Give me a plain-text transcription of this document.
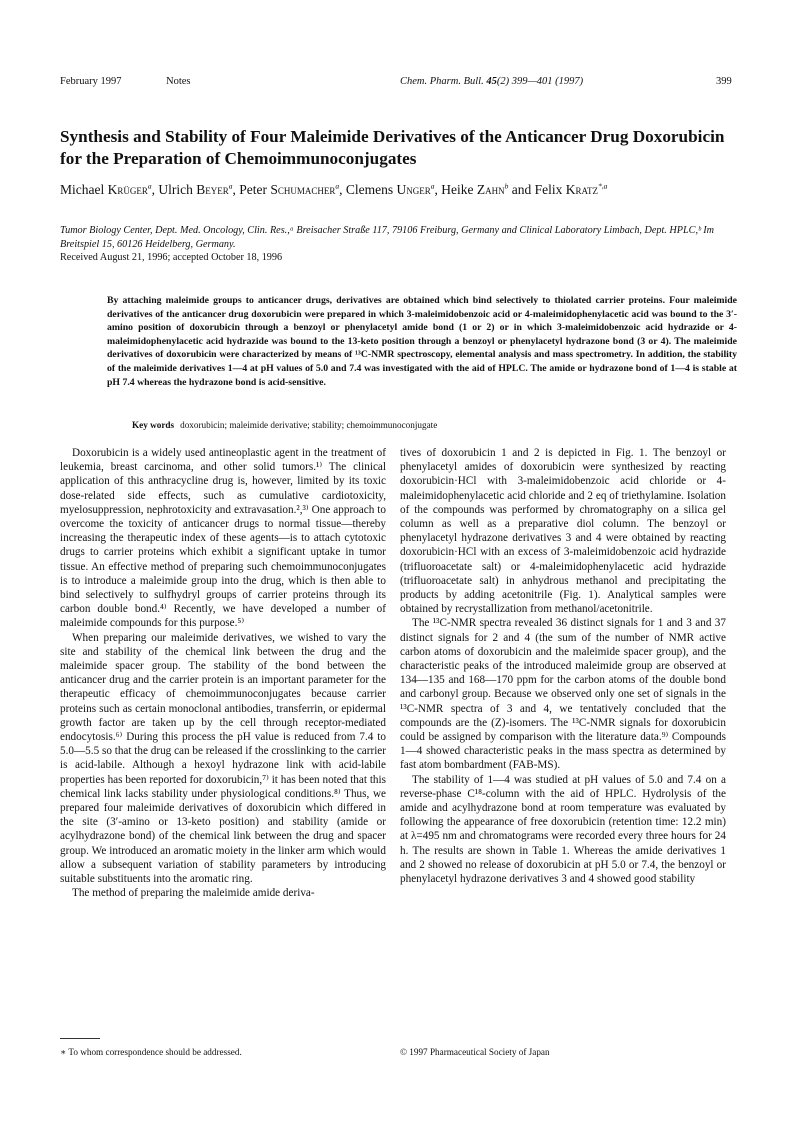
February 1997	Notes	Chem. Pharm. Bull. 45(2) 399—401 (1997)	399
Synthesis and Stability of Four Maleimide Derivatives of the Anticancer Drug Doxorubicin for the Preparation of Chemoimmunoconjugates
Michael Krüger$^a$, Ulrich Beyer$^a$, Peter Schumacher$^a$, Clemens Unger$^a$, Heike Zahn$^b$ and Felix Kratz$^{*,a}$
Tumor Biology Center, Dept. Med. Oncology, Clin. Res.,ᵃ Breisacher Straße 117, 79106 Freiburg, Germany and Clinical Laboratory Limbach, Dept. HPLC,ᵇ Im Breitspiel 15, 60126 Heidelberg, Germany.
Received August 21, 1996; accepted October 18, 1996
By attaching maleimide groups to anticancer drugs, derivatives are obtained which bind selectively to thiolated carrier proteins. Four maleimide derivatives of the anticancer drug doxorubicin were prepared in which 3-maleimidobenzoic acid or 4-maleimidophenylacetic acid was bound to the 3′-amino position of doxorubicin through a benzoyl or phenylacetyl amide bond (1 or 2) or in which 3-maleimidobenzoic acid hydrazide or 4-maleimidophenylacetic acid hydrazide was bound to the 13-keto position through a benzoyl or phenylacetyl hydrazone bond (3 or 4). The maleimide derivatives of doxorubicin were characterized by means of ¹³C-NMR spectroscopy, elemental analysis and mass spectrometry. In addition, the stability of the maleimide derivatives 1—4 at pH values of 5.0 and 7.4 was investigated with the aid of HPLC. The amide or hydrazone bond of 1—4 is stable at pH 7.4 whereas the hydrazone bond is acid-sensitive.
Key words doxorubicin; maleimide derivative; stability; chemoimmunoconjugate

Doxorubicin is a widely used antineoplastic agent in the treatment of leukemia, breast carcinoma, and other solid tumors.¹⁾ The clinical application of this anthracycline drug is, however, limited by its toxic dose-related side effects, such as cumulative cardiotoxicity, myelosuppression, nephrotoxicity and extravasation.²,³⁾ One approach to overcome the toxicity of anticancer drugs to normal tissue—thereby increasing the therapeutic index of these agents—is to attach cytotoxic drugs to carrier proteins which exhibit a significant uptake in tumor tissue. An effective method of preparing such chemoimmunoconjugates is to introduce a maleimide group into the drug, which is then able to bind selectively to sulfhydryl groups of carrier proteins through its carbon double bond.⁴⁾ Recently, we have developed a number of maleimide compounds for this purpose.⁵⁾

When preparing our maleimide derivatives, we wished to vary the site and stability of the chemical link between the drug and the maleimide spacer group. The stability of the bond between the anticancer drug and the carrier protein is an important parameter for the therapeutic efficacy of chemoimmunoconjugates because carrier proteins such as certain monoclonal antibodies, transferrin, or epidermal growth factor are taken up by the cell through receptor-mediated endocytosis.⁶⁾ During this process the pH value is reduced from 7.4 to 5.0—5.5 so that the drug can be released if the crosslinking to the carrier is acid-labile. Although a hexoyl hydrazone link with acid-labile properties has been reported for doxorubicin,⁷⁾ it has been noted that this chemical link lacks stability under physiological conditions.⁸⁾ Thus, we prepared four maleimide derivatives of doxorubicin which differed in the site (3′-amino or 13-keto position) and stability (amide or acylhydrazone bond) of the chemical link between the drug and spacer group. We introduced an aromatic moiety in the linker arm which would allow a subsequent variation of stability parameters by introducing suitable substituents into the aromatic ring.

The method of preparing the maleimide amide deriva-

tives of doxorubicin 1 and 2 is depicted in Fig. 1. The benzoyl or phenylacetyl amides of doxorubicin were synthesized by reacting doxorubicin·HCl with 3-maleimidobenzoic acid chloride or 4-maleimidophenylacetic acid chloride and 2 eq of triethylamine. Isolation of the compounds was performed by chromatography on a silica gel column as well as a preparative diol column. The benzoyl or phenylacetyl hydrazone derivatives 3 and 4 were obtained by reacting doxorubicin·HCl with an excess of 3-maleimidobenzoic acid hydrazide (trifluoroacetate salt) or 4-maleimidophenylacetic acid hydrazide (trifluoroacetate salt) in anhydrous methanol and precipitating the products by adding acetonitrile (Fig. 1). Analytical samples were obtained by recrystallization from methanol/acetonitrile.

The ¹³C-NMR spectra revealed 36 distinct signals for 1 and 3 and 37 distinct signals for 2 and 4 (the sum of the number of NMR active carbon atoms of doxorubicin and the maleimide spacer group), and the characteristic peaks of the introduced maleimide group are observed at 134—135 and 168—170 ppm for the carbon atoms of the double bond and carbonyl group. Because we observed only one set of signals in the ¹³C-NMR spectra of 3 and 4, we tentatively concluded that the compounds are the (Z)-isomers. The ¹³C-NMR signals for doxorubicin could be assigned by comparison with the literature data.⁹⁾ Compounds 1—4 showed characteristic peaks in the mass spectra as determined by fast atom bombardment (FAB-MS).

The stability of 1—4 was studied at pH values of 5.0 and 7.4 on a reverse-phase C¹⁸-column with the aid of HPLC. Hydrolysis of the amide and acylhydrazone bond at room temperature was evaluated by following the appearance of free doxorubicin (retention time: 12.2 min) at λ=495 nm and chromatograms were recorded every three hours for 24 h. The results are shown in Table 1. Whereas the amide derivatives 1 and 2 showed no release of doxorubicin at pH 5.0 or 7.4, the benzoyl or phenylacetyl hydrazone derivatives 3 and 4 showed good stability

∗ To whom correspondence should be addressed.	© 1997 Pharmaceutical Society of Japan
